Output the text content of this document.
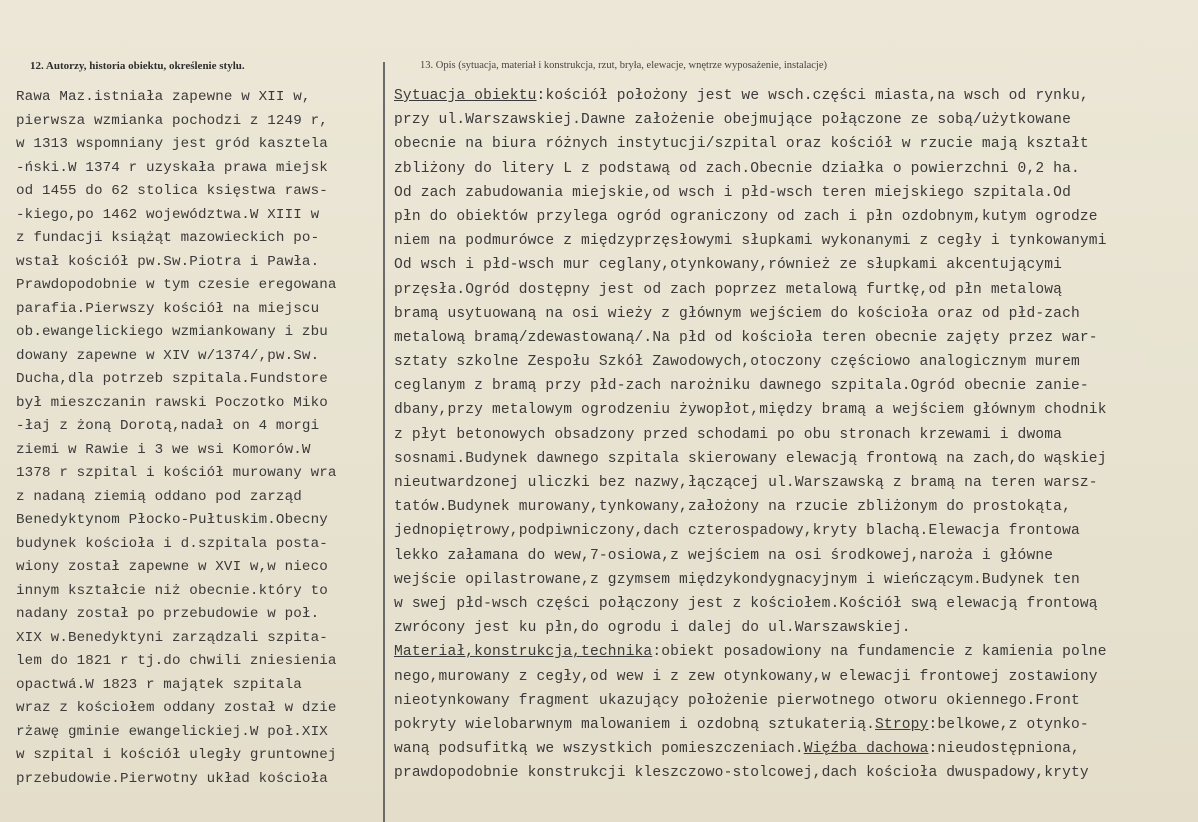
12. Autorzy, historia obiektu, określenie stylu.	13. Opis (sytuacja, materiał i konstrukcja, rzut, bryła, elewacje, wnętrze wyposażenie, instalacje)
Rawa Maz.istniała zapewne w XII w,
pierwsza wzmianka pochodzi z 1249 r,
w 1313 wspomniany jest gród kasztela
-ński.W 1374 r uzyskała prawa miejsk
od 1455 do 62 stolica księstwa raws-
-kiego,po 1462 województwa.W XIII w
z fundacji książąt mazowieckich po-
wstał kościół pw.Sw.Piotra i Pawła.
Prawdopodobnie w tym czesie eregowana
parafia.Pierwszy kościół na miejscu
ob.ewangelickiego wzmiankowany i zbu
dowany zapewne w XIV w/1374/,pw.Sw.
Ducha,dla potrzeb szpitala.Fundstore
był mieszczanin rawski Poczotko Miko
-łaj z żoną Dorotą,nadał on 4 morgi
ziemi w Rawie i 3 we wsi Komorów.W
1378 r szpital i kościół murowany wra
z nadaną ziemią oddano pod zarząd
Benedyktynom Płocko-Pułtuskim.Obecny
budynek kościoła i d.szpitala posta-
wiony został zapewne w XVI w,w nieco
innym kształcie niż obecnie.który to
nadany został po przebudowie w poł.
XIX w.Benedyktyni zarządzali szpita-
lem do 1821 r tj.do chwili zniesienia
opactwá.W 1823 r majątek szpitala
wraz z kościołem oddany został w dzie
rżawę gminie ewangelickiej.W poł.XIX
w szpital i kościół uległy gruntownej
przebudowie.Pierwotny układ kościoła
Sytuacja obiektu:kościół położony jest we wsch.części miasta,na wsch od rynku,
przy ul.Warszawskiej.Dawne założenie obejmujące połączone ze sobą/użytkowane
obecnie na biura różnych instytucji/szpital oraz kościół w rzucie mają kształt
zbliżony do litery L z podstawą od zach.Obecnie działka o powierzchni 0,2 ha.
Od zach zabudowania miejskie,od wsch i płd-wsch teren miejskiego szpitala.Od
płn do obiektów przylega ogród ograniczony od zach i płn ozdobnym,kutym ogrodze
niem na podmurówce z międzyprzęsłowymi słupkami wykonanymi z cegły i tynkowanymi
Od wsch i płd-wsch mur ceglany,otynkowany,również ze słupkami akcentującymi
przęsła.Ogród dostępny jest od zach poprzez metalową furtkę,od płn metalową
bramą usytuowaną na osi wieży z głównym wejściem do kościoła oraz od płd-zach
metalową bramą/zdewastowaną/.Na płd od kościoła teren obecnie zajęty przez war-
sztaty szkolne Zespołu Szkół Zawodowych,otoczony częściowo analogicznym murem
ceglanym z bramą przy płd-zach narożniku dawnego szpitala.Ogród obecnie zanie-
dbany,przy metalowym ogrodzeniu żywopłot,między bramą a wejściem głównym chodnik
z płyt betonowych obsadzony przed schodami po obu stronach krzewami i dwoma
sosnami.Budynek dawnego szpitala skierowany elewacją frontową na zach,do wąskiej
nieutwardzonej uliczki bez nazwy,łączącej ul.Warszawską z bramą na teren warsz-
tatów.Budynek murowany,tynkowany,założony na rzucie zbliżonym do prostokąta,
jednopiętrowy,podpiwniczony,dach czterospadowy,kryty blachą.Elewacja frontowa
lekko załamana do wew,7-osiowa,z wejściem na osi środkowej,naroża i główne
wejście opilastrowane,z gzymsem międzykondygnacyjnym i wieńczącym.Budynek ten
w swej płd-wsch części połączony jest z kościołem.Kościół swą elewacją frontową
zwrócony jest ku płn,do ogrodu i dalej do ul.Warszawskiej.
Materiał,konstrukcja,technika:obiekt posadowiony na fundamencie z kamienia polne
nego,murowany z cegły,od wew i z zew otynkowany,w elewacji frontowej zostawiony
nieotynkowany fragment ukazujący położenie pierwotnego otworu okiennego.Front
pokryty wielobarwnym malowaniem i ozdobną sztukaterią.Stropy:belkowe,z otynko-
waną podsufitką we wszystkich pomieszczeniach.Więźba dachowa:nieudostępniona,
prawdopodobnie konstrukcji kleszczowo-stolcowej,dach kościoła dwuspadowy,kryty
